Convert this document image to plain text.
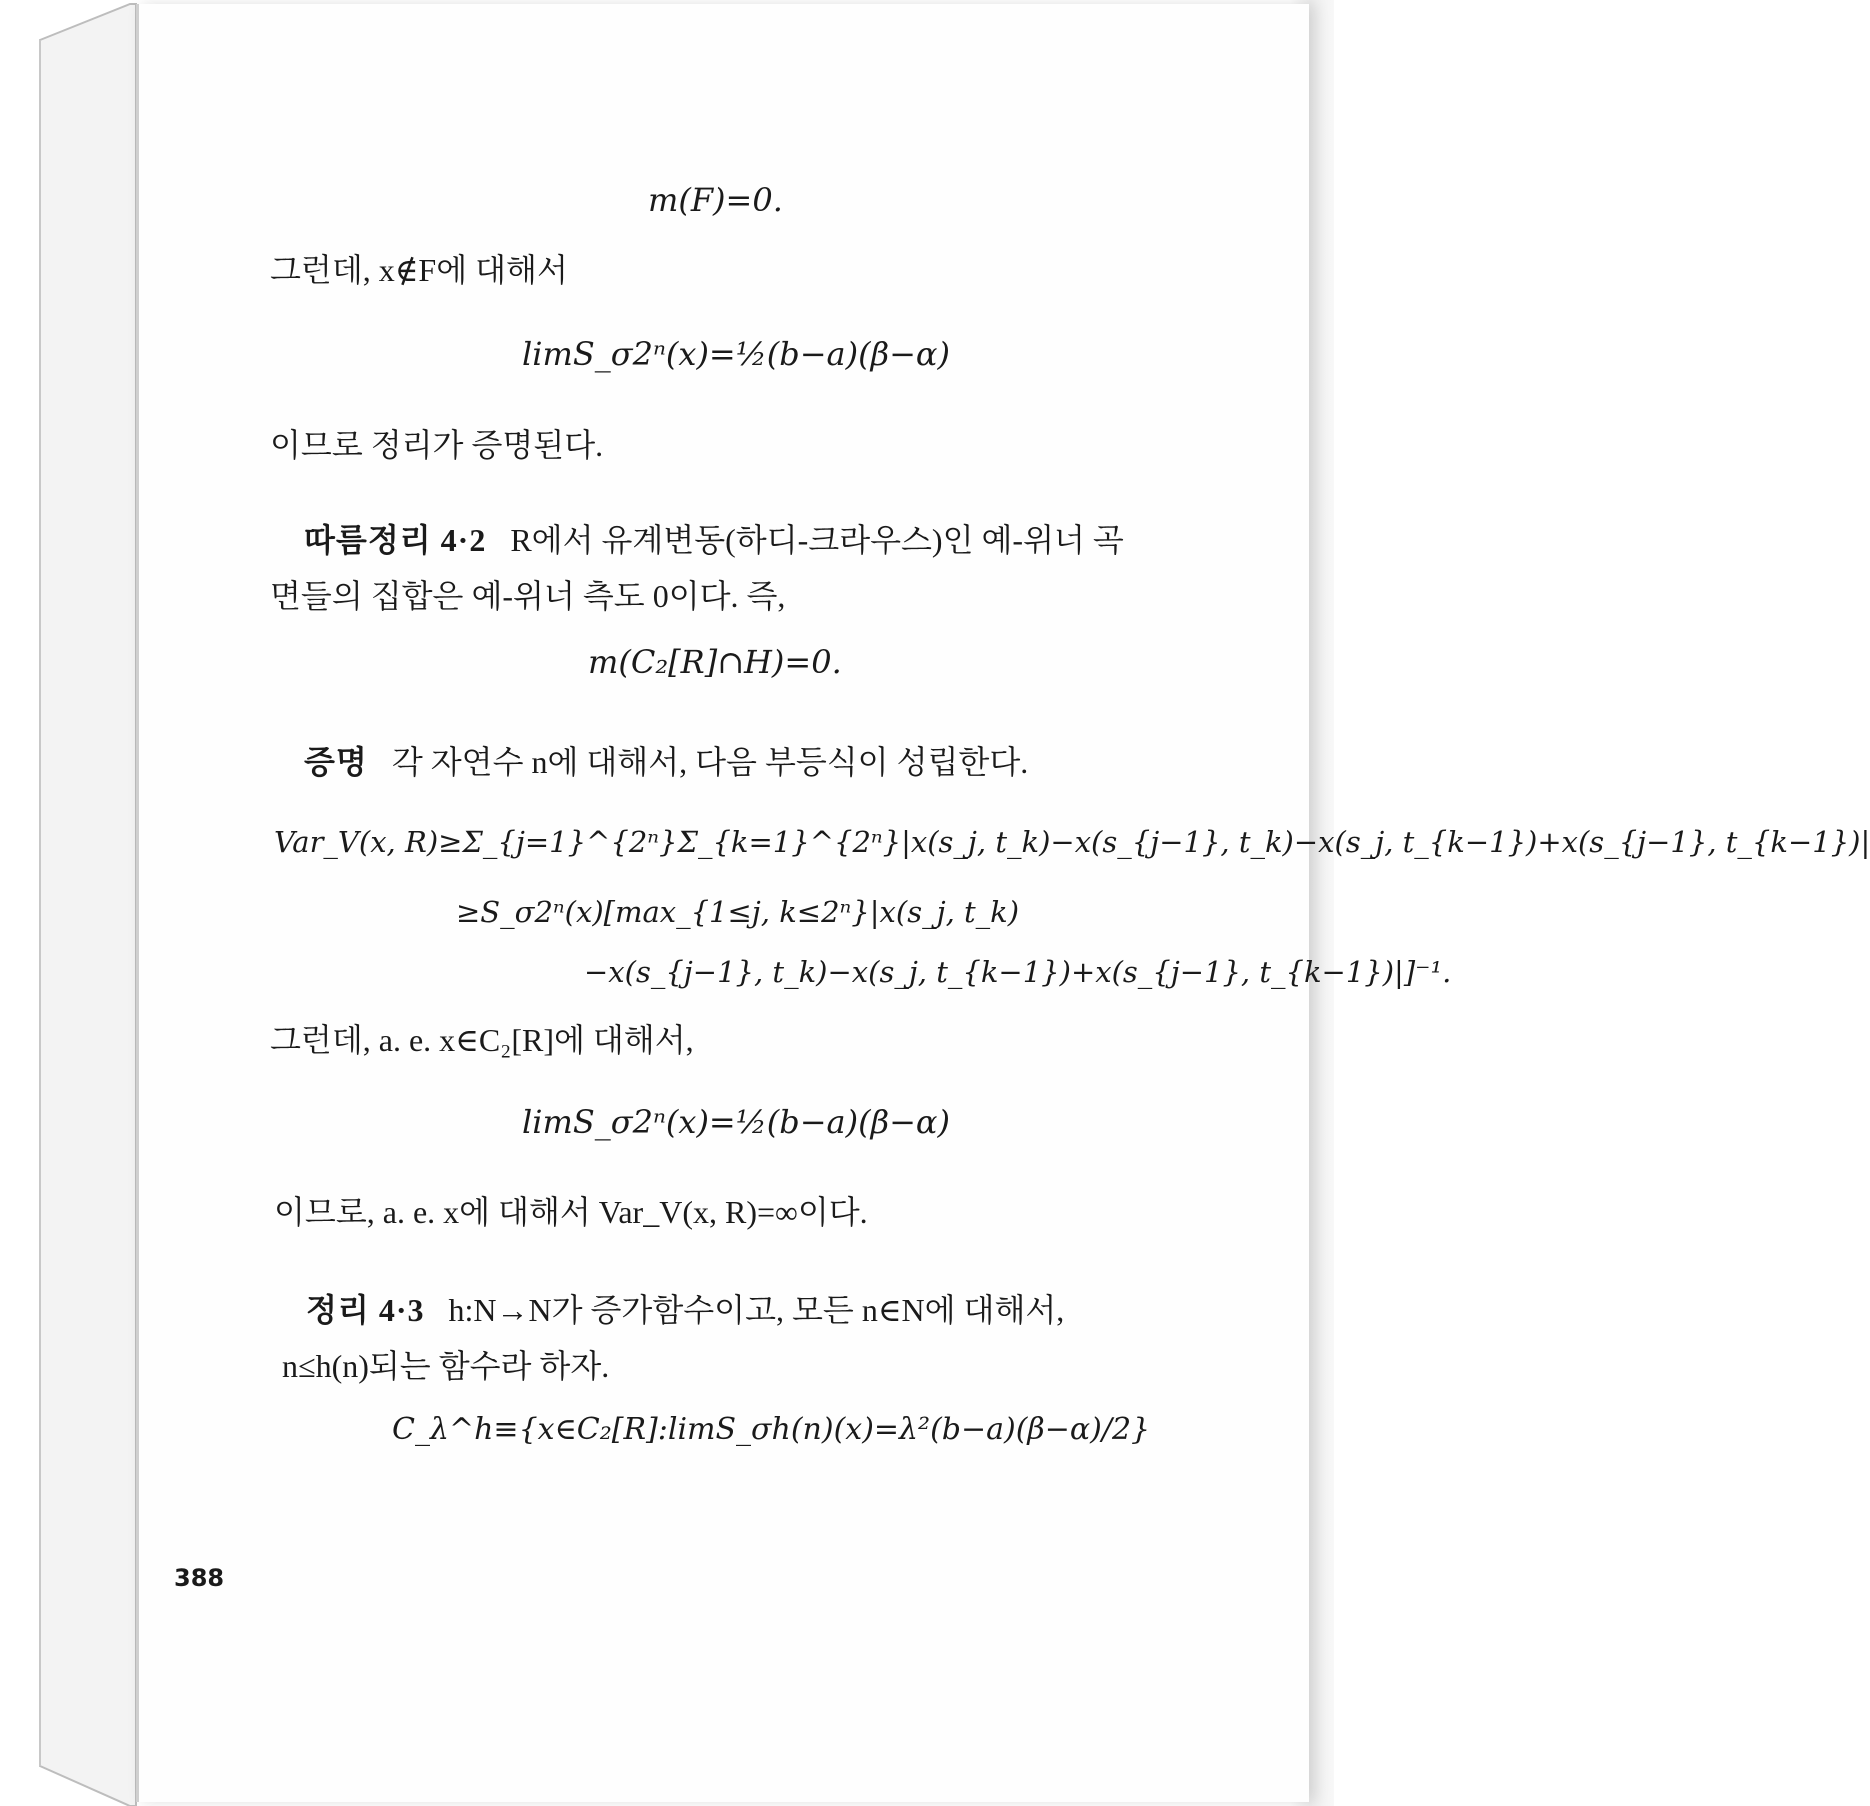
m(F)=0.
그런데, x∉F에 대해서
limS_σ2ⁿ(x)=½(b−a)(β−α)
이므로 정리가 증명된다.
따름정리 4·2 R에서 유계변동(하디-크라우스)인 예-위너 곡
면들의 집합은 예-위너 측도 0이다. 즉,
m(C₂[R]∩H)=0.
증명 각 자연수 n에 대해서, 다음 부등식이 성립한다.
Var_V(x, R)≥Σ_{j=1}^{2ⁿ}Σ_{k=1}^{2ⁿ}|x(s_j, t_k)−x(s_{j−1}, t_k)−x(s_j, t_{k−1})+x(s_{j−1}, t_{k−1})|
≥S_σ2ⁿ(x)[max_{1≤j, k≤2ⁿ}|x(s_j, t_k)
−x(s_{j−1}, t_k)−x(s_j, t_{k−1})+x(s_{j−1}, t_{k−1})|]⁻¹.
그런데, a. e. x∈C₂[R]에 대해서,
limS_σ2ⁿ(x)=½(b−a)(β−α)
이므로, a. e. x에 대해서 Var_V(x, R)=∞이다.
정리 4·3 h:N→N가 증가함수이고, 모든 n∈N에 대해서,
n≤h(n)되는 함수라 하자.
C_λ^h≡{x∈C₂[R]:limS_σh(n)(x)=λ²(b−a)(β−α)/2}
388
